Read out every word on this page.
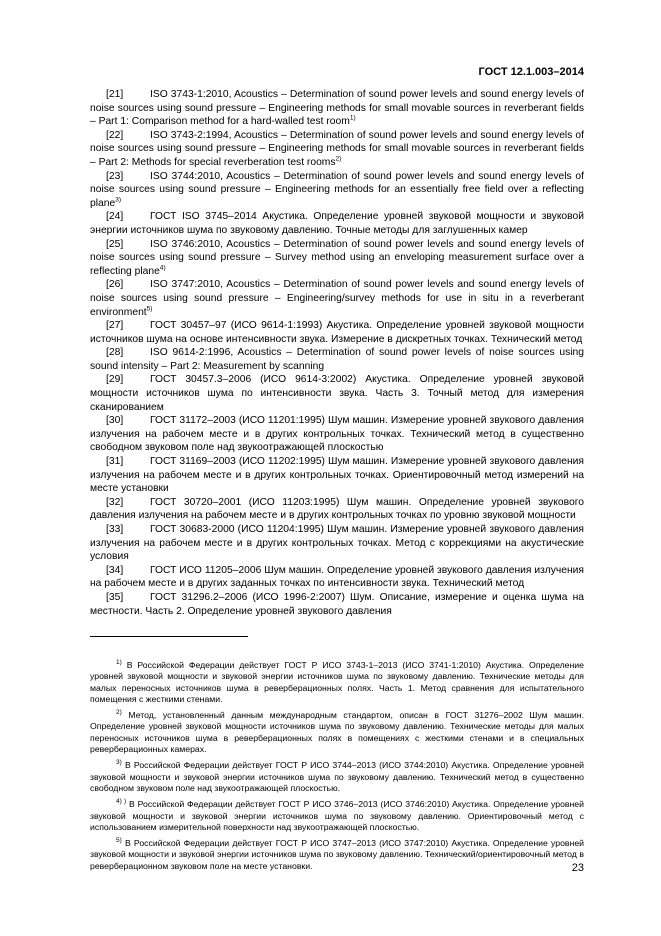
ГОСТ 12.1.003–2014

[21]	ISO 3743-1:2010, Acoustics – Determination of sound power levels and sound energy levels of noise sources using sound pressure – Engineering methods for small movable sources in reverberant fields – Part 1: Comparison method for a hard-walled test room$^{1)}$

[22]	ISO 3743-2:1994, Acoustics – Determination of sound power levels and sound energy levels of noise sources using sound pressure – Engineering methods for small movable sources in reverberant fields – Part 2: Methods for special reverberation test rooms$^{2)}$

[23]	ISO 3744:2010, Acoustics – Determination of sound power levels and sound energy levels of noise sources using sound pressure – Engineering methods for an essentially free field over a reflecting plane$^{3)}$

[24]	ГОСТ ISO 3745–2014 Акустика. Определение уровней звуковой мощности и звуковой энергии источников шума по звуковому давлению. Точные методы для заглушенных камер

[25]	ISO 3746:2010, Acoustics – Determination of sound power levels and sound energy levels of noise sources using sound pressure – Survey method using an enveloping measurement surface over a reflecting plane$^{4)}$

[26]	ISO 3747:2010, Acoustics – Determination of sound power levels and sound energy levels of noise sources using sound pressure – Engineering/survey methods for use in situ in a reverberant environment$^{5)}$

[27]	ГОСТ 30457–97 (ИСО 9614-1:1993) Акустика. Определение уровней звуковой мощности источников шума на основе интенсивности звука. Измерение в дискретных точках. Технический метод

[28]	ISO 9614-2:1996, Acoustics – Determination of sound power levels of noise sources using sound intensity – Part 2: Measurement by scanning

[29]	ГОСТ 30457.3–2006 (ИСО 9614-3:2002) Акустика. Определение уровней звуковой мощности источников шума по интенсивности звука. Часть 3. Точный метод для измерения сканированием

[30]	ГОСТ 31172–2003 (ИСО 11201:1995) Шум машин. Измерение уровней звукового давления излучения на рабочем месте и в других контрольных точках. Технический метод в существенно свободном звуковом поле над звукоотражающей плоскостью

[31]	ГОСТ 31169–2003 (ИСО 11202:1995) Шум машин. Измерение уровней звукового давления излучения на рабочем месте и в других контрольных точках. Ориентировочный метод измерений на месте установки

[32]	ГОСТ 30720–2001 (ИСО 11203:1995) Шум машин. Определение уровней звукового давления излучения на рабочем месте и в других контрольных точках по уровню звуковой мощности

[33]	ГОСТ 30683-2000 (ИСО 11204:1995) Шум машин. Измерение уровней звукового давления излучения на рабочем месте и в других контрольных точках. Метод с коррекциями на акустические условия

[34]	ГОСТ ИСО 11205–2006 Шум машин. Определение уровней звукового давления излучения на рабочем месте и в других заданных точках по интенсивности звука. Технический метод

[35]	ГОСТ 31296.2–2006 (ИСО 1996-2:2007) Шум. Описание, измерение и оценка шума на местности. Часть 2. Определение уровней звукового давления

$^{1)}$ В Российской Федерации действует ГОСТ Р ИСО 3743-1–2013 (ИСО 3741-1:2010) Акустика. Определение уровней звуковой мощности и звуковой энергии источников шума по звуковому давлению. Технические методы для малых переносных источников шума в реверберационных полях. Часть 1. Метод сравнения для испытательного помещения с жесткими стенами.

$^{2)}$ Метод, установленный данным международным стандартом, описан в ГОСТ 31276–2002 Шум машин. Определение уровней звуковой мощности источников шума по звуковому давлению. Технические методы для малых переносных источников шума в реверберационных полях в помещениях с жесткими стенами и в специальных реверберационных камерах.

$^{3)}$ В Российской Федерации действует ГОСТ Р ИСО 3744–2013 (ИСО 3744:2010) Акустика. Определение уровней звуковой мощности и звуковой энергии источников шума по звуковому давлению. Технический метод в существенно свободном звуковом поле над звукоотражающей плоскостью.

$^{4) )}$ В Российской Федерации действует ГОСТ Р ИСО 3746–2013 (ИСО 3746:2010) Акустика. Определение уровней звуковой мощности и звуковой энергии источников шума по звуковому давлению. Ориентировочный метод с использованием измерительной поверхности над звукоотражающей плоскостью.

$^{5)}$ В Российской Федерации действует ГОСТ Р ИСО 3747–2013 (ИСО 3747:2010) Акустика. Определение уровней звуковой мощности и звуковой энергии источников шума по звуковому давлению. Технический/ориентировочный метод в реверберационном звуковом поле на месте установки.	23
